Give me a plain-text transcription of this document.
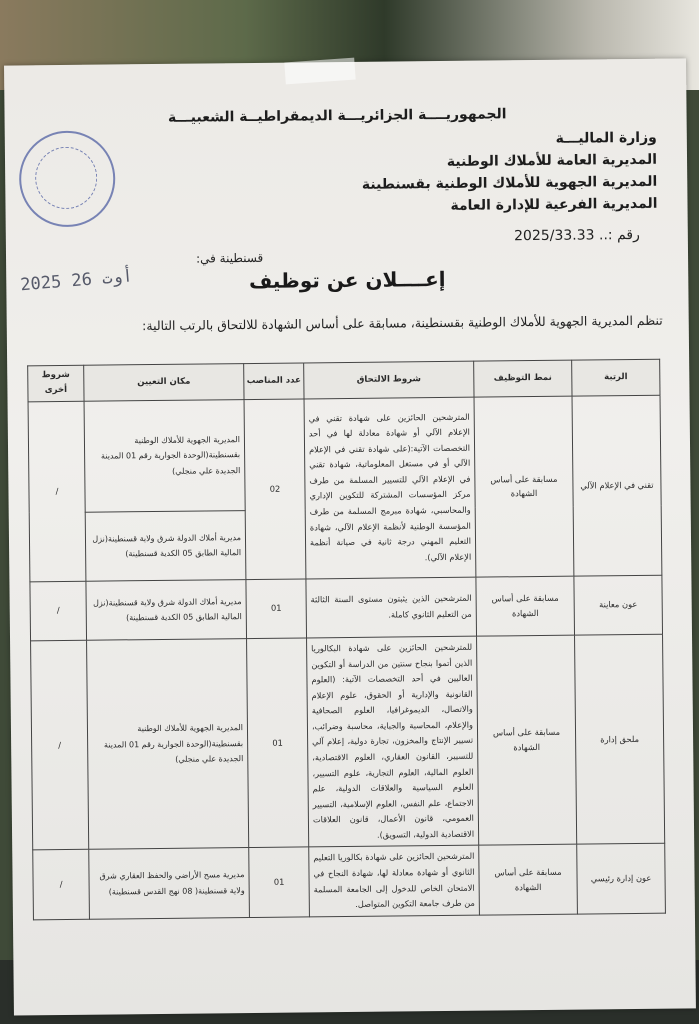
الجمهوريــــة الجزائريـــة الديمقراطيــة الشعبيـــة
وزارة الماليـــة
المديرية العامة للأملاك الوطنية
المديرية الجهوية للأملاك الوطنية بقسنطينة
المديرية الفرعية للإدارة العامة
رقم :.. 2025/33.33
قسنطينة في:
2025 أوت 26	إعــــلان عن توظيف
تنظم المديرية الجهوية للأملاك الوطنية بقسنطينة، مسابقة على أساس الشهادة للالتحاق بالرتب التالية:
الرتبة	نمط التوظيف	شروط الالتحاق	عدد المناصب	مكان التعيين	شروط أخرى
تقني في الإعلام الآلي	مسابقة على أساس الشهادة	المترشحين الحائزين على شهادة تقني في الإعلام الآلي أو شهادة معادلة لها في أحد التخصصات الآتية:(على شهادة تقني في الإعلام الآلي أو في مستغل المعلوماتية، شهادة تقني في الإعلام الآلي للتسيير المسلمة من طرف مركز المؤسسات المشتركة للتكوين الإداري والمحاسبي، شهادة مبرمج المسلمة من طرف المؤسسة الوطنية لأنظمة الإعلام الآلي، شهادة التعليم المهني درجة ثانية في صيانة أنظمة الإعلام الآلي).	02	المديرية الجهوية للأملاك الوطنية بقسنطينة(الوحدة الجوارية رقم 01 المدينة الجديدة علي منجلي)	/
				مديرية أملاك الدولة شرق ولاية قسنطينة(نزل المالية الطابق 05 الكدية قسنطينة)	
عون معاينة	مسابقة على أساس الشهادة	المترشحين الذين يثبتون مستوى السنة الثالثة من التعليم الثانوي كاملة.	01	مديرية أملاك الدولة شرق ولاية قسنطينة(نزل المالية الطابق 05 الكدية قسنطينة)	/
ملحق إدارة	مسابقة على أساس الشهادة	للمترشحين الحائزين على شهادة البكالوريا الذين أتموا بنجاح سنتين من الدراسة أو التكوين العاليين في أحد التخصصات الآتية: (العلوم القانونية والإدارية أو الحقوق، علوم الإعلام والاتصال، الديموغرافيا، العلوم الصحافية والإعلام، المحاسبة والجباية، محاسبة وضرائب، تسيير الإنتاج والمخزون، تجارة دولية، إعلام آلي للتسيير، القانون العقاري، العلوم الاقتصادية، العلوم المالية، العلوم التجارية، علوم التسيير، العلوم السياسية والعلاقات الدولية، علم الاجتماع، علم النفس، العلوم الإسلامية، التسيير العمومي، قانون الأعمال، قانون العلاقات الاقتصادية الدولية، التسويق).	01	المديرية الجهوية للأملاك الوطنية بقسنطينة(الوحدة الجوارية رقم 01 المدينة الجديدة علي منجلي)	/
عون إدارة رئيسي	مسابقة على أساس الشهادة	المترشحين الحائزين على شهادة بكالوريا التعليم الثانوي أو شهادة معادلة لها، شهادة النجاح في الامتحان الخاص للدخول إلى الجامعة المسلمة من طرف جامعة التكوين المتواصل.	01	مديرية مسح الأراضي والحفظ العقاري شرق ولاية قسنطينة( 08 نهج القدس قسنطينة)	/
